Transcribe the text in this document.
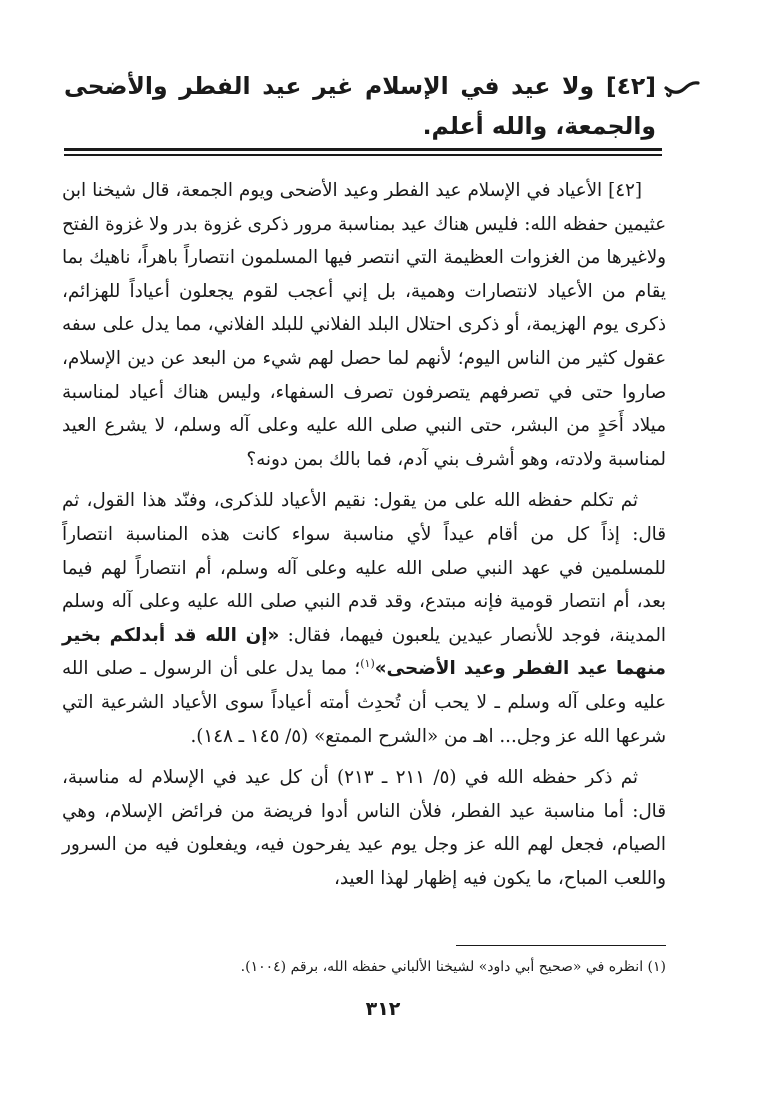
[٤٢] ولا عيد في الإسلام غير عيد الفطر والأضحى والجمعة، والله أعلم.

[٤٢] الأعياد في الإسلام عيد الفطر وعيد الأضحى ويوم الجمعة، قال شيخنا ابن عثيمين حفظه الله: فليس هناك عيد بمناسبة مرور ذكرى غزوة بدر ولا غزوة الفتح ولاغيرها من الغزوات العظيمة التي انتصر فيها المسلمون انتصاراً باهراً، ناهيك بما يقام من الأعياد لانتصارات وهمية، بل إني أعجب لقوم يجعلون أعياداً للهزائم، ذكرى يوم الهزيمة، أو ذكرى احتلال البلد الفلاني للبلد الفلاني، مما يدل على سفه عقول كثير من الناس اليوم؛ لأنهم لما حصل لهم شيء من البعد عن دين الإسلام، صاروا حتى في تصرفهم يتصرفون تصرف السفهاء، وليس هناك أعياد لمناسبة ميلاد أَحَدٍ من البشر، حتى النبي صلى الله عليه وعلى آله وسلم، لا يشرع العيد لمناسبة ولادته، وهو أشرف بني آدم، فما بالك بمن دونه؟

ثم تكلم حفظه الله على من يقول: نقيم الأعياد للذكرى، وفنّد هذا القول، ثم قال: إذاً كل من أقام عيداً لأي مناسبة سواء كانت هذه المناسبة انتصاراً للمسلمين في عهد النبي صلى الله عليه وعلى آله وسلم، أم انتصاراً لهم فيما بعد، أم انتصار قومية فإنه مبتدع، وقد قدم النبي صلى الله عليه وعلى آله وسلم المدينة، فوجد للأنصار عيدين يلعبون فيهما، فقال: «إن الله قد أبدلكم بخير منهما عيد الفطر وعيد الأضحى»$^{(١)}$؛ مما يدل على أن الرسول ـ صلى الله عليه وعلى آله وسلم ـ لا يحب أن تُحدِث أمته أعياداً سوى الأعياد الشرعية التي شرعها الله عز وجل... اهـ من «الشرح الممتع» (٥/ ١٤٥ ـ ١٤٨).

ثم ذكر حفظه الله في (٥/ ٢١١ ـ ٢١٣) أن كل عيد في الإسلام له مناسبة، قال: أما مناسبة عيد الفطر، فلأن الناس أدوا فريضة من فرائض الإسلام، وهي الصيام، فجعل لهم الله عز وجل يوم عيد يفرحون فيه، ويفعلون فيه من السرور واللعب المباح، ما يكون فيه إظهار لهذا العيد،

(١) انظره في «صحيح أبي داود» لشيخنا الألباني حفظه الله، برقم (١٠٠٤).
٣١٢
